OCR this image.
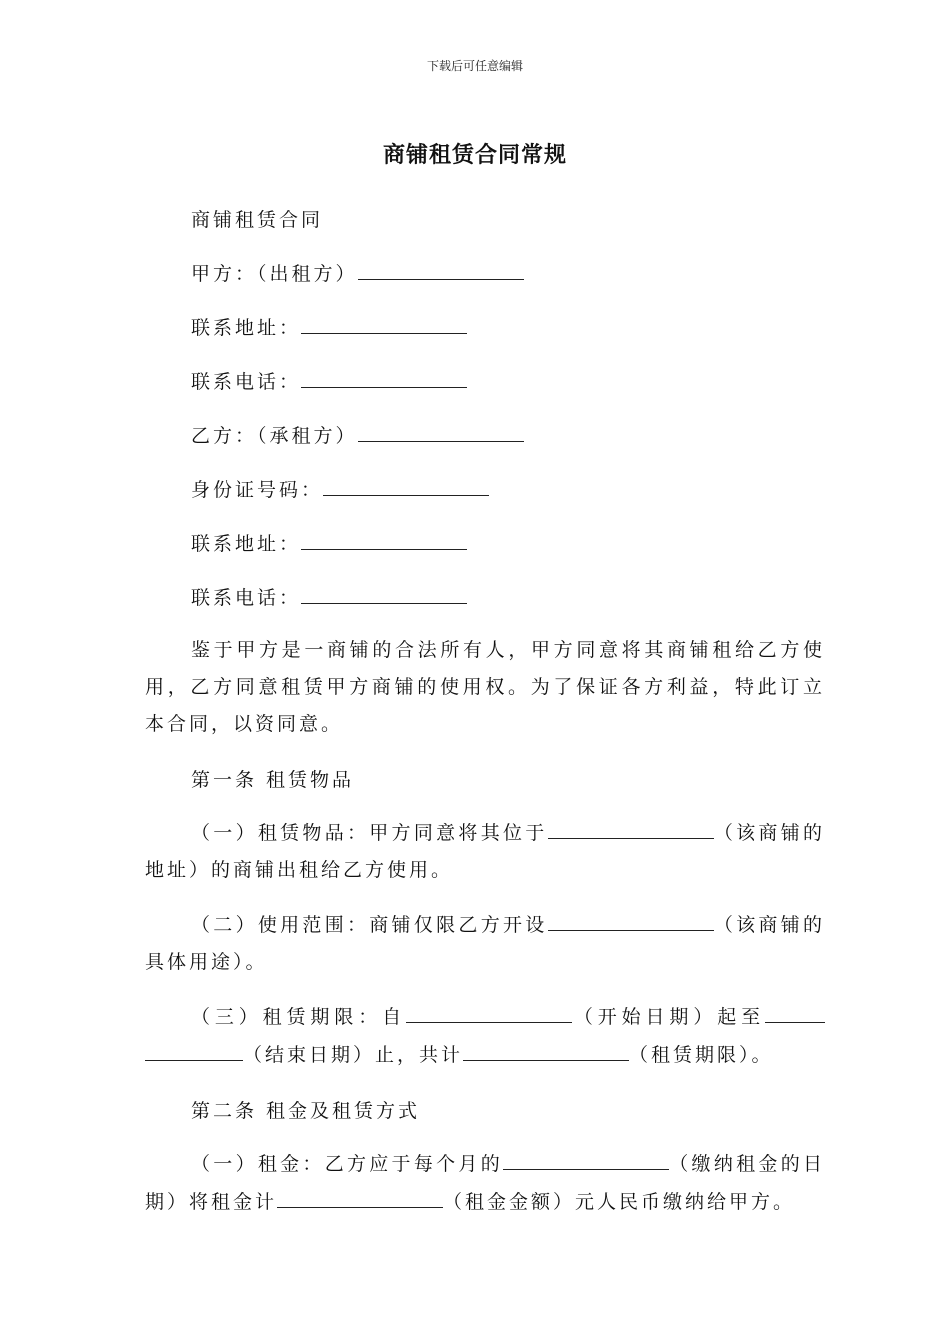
下载后可任意编辑
商铺租赁合同常规
商铺租赁合同
甲方：（出租方）
联系地址：
联系电话：
乙方：（承租方）
身份证号码：
联系地址：
联系电话：
鉴于甲方是一商铺的合法所有人，甲方同意将其商铺租给乙方使用，乙方同意租赁甲方商铺的使用权。为了保证各方利益，特此订立本合同，以资同意。
第一条 租赁物品
（一）租赁物品：甲方同意将其位于	（该商铺的地址）的商铺出租给乙方使用。
（二）使用范围：商铺仅限乙方开设	（该商铺的具体用途）。
（三）租赁期限：自	（开始日期）起至（结束日期）止，共计	（租赁期限）。
第二条 租金及租赁方式
（一）租金：乙方应于每个月的	（缴纳租金的日期）将租金计	（租金金额）元人民币缴纳给甲方。
